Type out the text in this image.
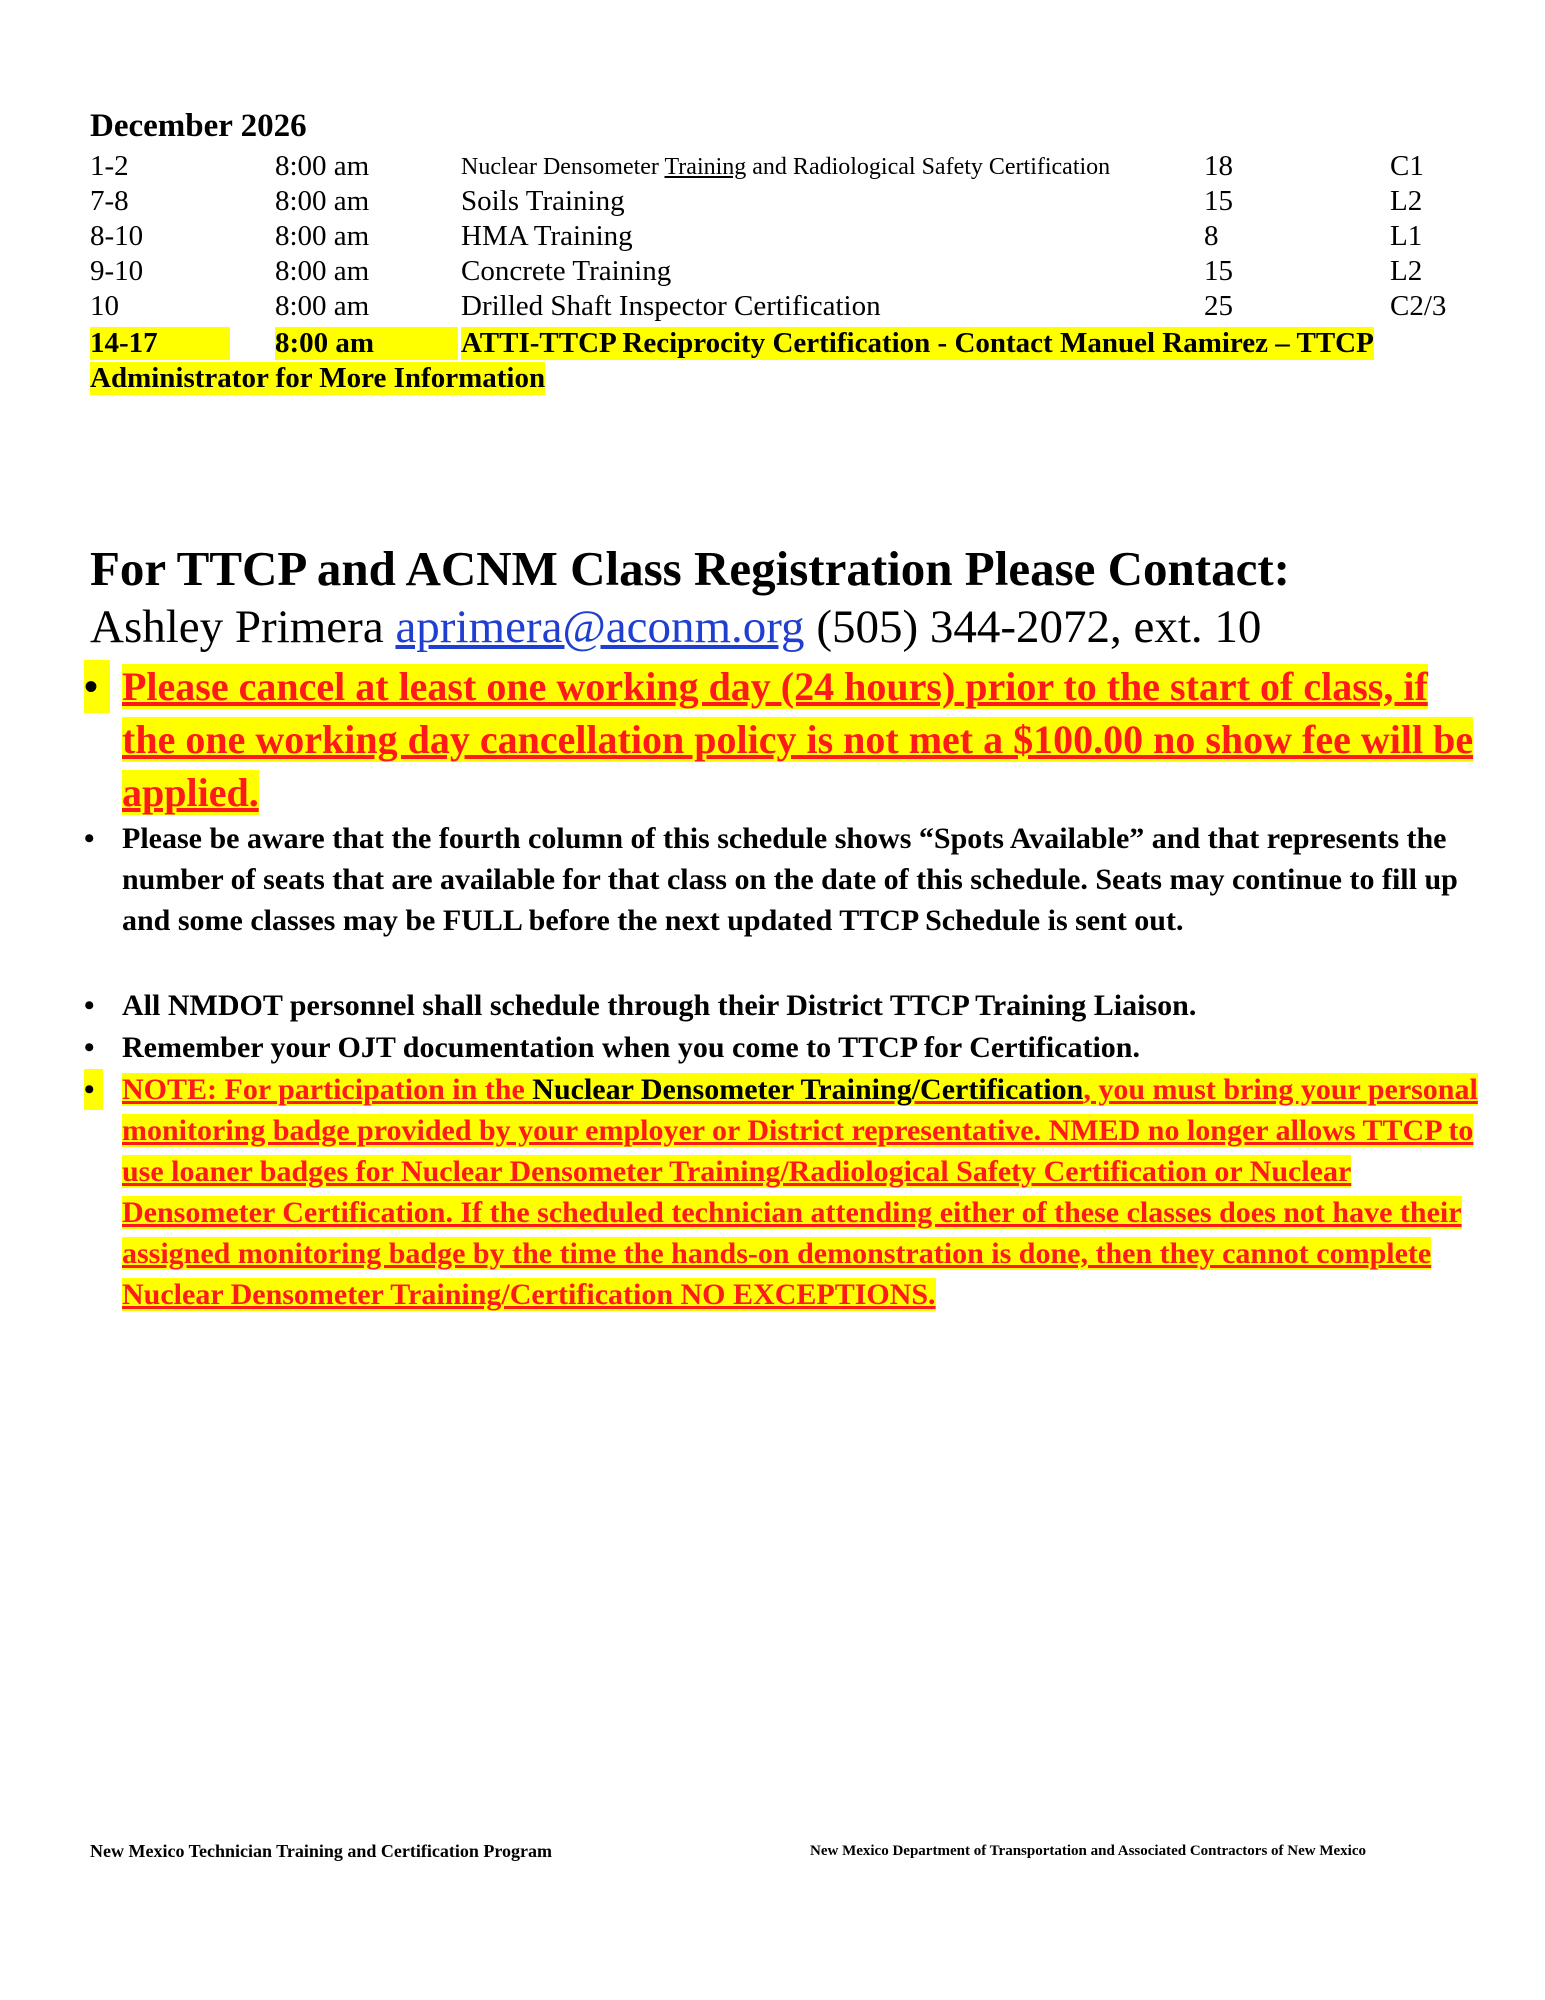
December 2026
1-2	8:00 am	Nuclear Densometer Training and Radiological Safety Certification	18	C1
7-8	8:00 am	Soils Training	15	L2
8-10	8:00 am	HMA Training	8	L1
9-10	8:00 am	Concrete Training	15	L2
10	8:00 am	Drilled Shaft Inspector Certification	25	C2/3
14-17	8:00 am	ATTI-TTCP Reciprocity Certification - Contact Manuel Ramirez – TTCP
Administrator for More Information
For TTCP and ACNM Class Registration Please Contact:
Ashley Primera aprimera@aconm.org (505) 344-2072, ext. 10
• Please cancel at least one working day (24 hours) prior to the start of class, if the one working day cancellation policy is not met a $100.00 no show fee will be applied.
• Please be aware that the fourth column of this schedule shows “Spots Available” and that represents the number of seats that are available for that class on the date of this schedule. Seats may continue to fill up and some classes may be FULL before the next updated TTCP Schedule is sent out.
• All NMDOT personnel shall schedule through their District TTCP Training Liaison.
• Remember your OJT documentation when you come to TTCP for Certification.
• NOTE: For participation in the Nuclear Densometer Training/Certification, you must bring your personal monitoring badge provided by your employer or District representative. NMED no longer allows TTCP to use loaner badges for Nuclear Densometer Training/Radiological Safety Certification or Nuclear Densometer Certification. If the scheduled technician attending either of these classes does not have their assigned monitoring badge by the time the hands-on demonstration is done, then they cannot complete Nuclear Densometer Training/Certification NO EXCEPTIONS.
New Mexico Technician Training and Certification Program	New Mexico Department of Transportation and Associated Contractors of New Mexico
